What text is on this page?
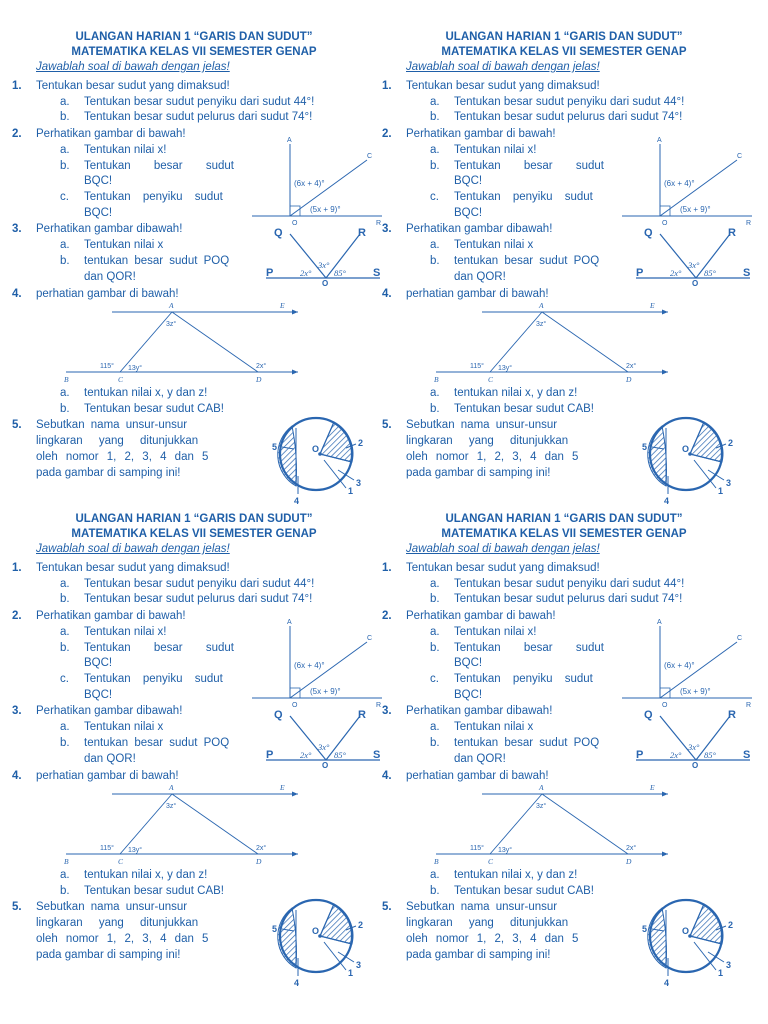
ULANGAN HARIAN 1 “GARIS DAN SUDUT”
MATEMATIKA KELAS VII SEMESTER GENAP
Jawablah soal di bawah dengan jelas!
1. Tentukan besar sudut yang dimaksud!
a. Tentukan besar sudut penyiku dari sudut 44°!
b. Tentukan besar sudut pelurus dari sudut 74°!
2. Perhatikan gambar di bawah!
a. Tentukan nilai x!
b. Tentukan besar sudut
BQC!
c. Tentukan penyiku sudut
BQC!
A
C
O	R
(6x + 4)°
(5x + 9)°
3. Perhatikan gambar dibawah!
a. Tentukan nilai x
b. tentukan besar sudut POQ
dan QOR!
Q	R
P	S
O
2x°
3x°
85°
4. perhatian gambar di bawah!
A	E
B	C	D
3z°
115° 13y°	2x°
a. tentukan nilai x, y dan z!
b. Tentukan besar sudut CAB!
5. Sebutkan nama unsur-unsur
lingkaran yang ditunjukkan
oleh nomor 1, 2, 3, 4 dan 5
pada gambar di samping ini!
O
1
2
3
4
5
ULANGAN HARIAN 1 “GARIS DAN SUDUT”
MATEMATIKA KELAS VII SEMESTER GENAP
Jawablah soal di bawah dengan jelas!
1. Tentukan besar sudut yang dimaksud!
a. Tentukan besar sudut penyiku dari sudut 44°!
b. Tentukan besar sudut pelurus dari sudut 74°!
2. Perhatikan gambar di bawah!
a. Tentukan nilai x!
b. Tentukan besar sudut
BQC!
c. Tentukan penyiku sudut
BQC!
A
C
O	R
(6x + 4)°
(5x + 9)°
3. Perhatikan gambar dibawah!
a. Tentukan nilai x
b. tentukan besar sudut POQ
dan QOR!
Q	R
P	S
O
2x°
3x°
85°
4. perhatian gambar di bawah!
A	E
B	C	D
3z°
115° 13y°	2x°
a. tentukan nilai x, y dan z!
b. Tentukan besar sudut CAB!
5. Sebutkan nama unsur-unsur
lingkaran yang ditunjukkan
oleh nomor 1, 2, 3, 4 dan 5
pada gambar di samping ini!
O
1
2
3
4
5
ULANGAN HARIAN 1 “GARIS DAN SUDUT”
MATEMATIKA KELAS VII SEMESTER GENAP
Jawablah soal di bawah dengan jelas!
1. Tentukan besar sudut yang dimaksud!
a. Tentukan besar sudut penyiku dari sudut 44°!
b. Tentukan besar sudut pelurus dari sudut 74°!
2. Perhatikan gambar di bawah!
a. Tentukan nilai x!
b. Tentukan besar sudut
BQC!
c. Tentukan penyiku sudut
BQC!
A
C
O	R
(6x + 4)°
(5x + 9)°
3. Perhatikan gambar dibawah!
a. Tentukan nilai x
b. tentukan besar sudut POQ
dan QOR!
Q	R
P	S
O
2x°
3x°
85°
4. perhatian gambar di bawah!
A	E
B	C	D
3z°
115° 13y°	2x°
a. tentukan nilai x, y dan z!
b. Tentukan besar sudut CAB!
5. Sebutkan nama unsur-unsur
lingkaran yang ditunjukkan
oleh nomor 1, 2, 3, 4 dan 5
pada gambar di samping ini!
O
1
2
3
4
5
ULANGAN HARIAN 1 “GARIS DAN SUDUT”
MATEMATIKA KELAS VII SEMESTER GENAP
Jawablah soal di bawah dengan jelas!
1. Tentukan besar sudut yang dimaksud!
a. Tentukan besar sudut penyiku dari sudut 44°!
b. Tentukan besar sudut pelurus dari sudut 74°!
2. Perhatikan gambar di bawah!
a. Tentukan nilai x!
b. Tentukan besar sudut
BQC!
c. Tentukan penyiku sudut
BQC!
A
C
O	R
(6x + 4)°
(5x + 9)°
3. Perhatikan gambar dibawah!
a. Tentukan nilai x
b. tentukan besar sudut POQ
dan QOR!
Q	R
P	S
O
2x°
3x°
85°
4. perhatian gambar di bawah!
A	E
B	C	D
3z°
115° 13y°	2x°
a. tentukan nilai x, y dan z!
b. Tentukan besar sudut CAB!
5. Sebutkan nama unsur-unsur
lingkaran yang ditunjukkan
oleh nomor 1, 2, 3, 4 dan 5
pada gambar di samping ini!
O
1
2
3
4
5
